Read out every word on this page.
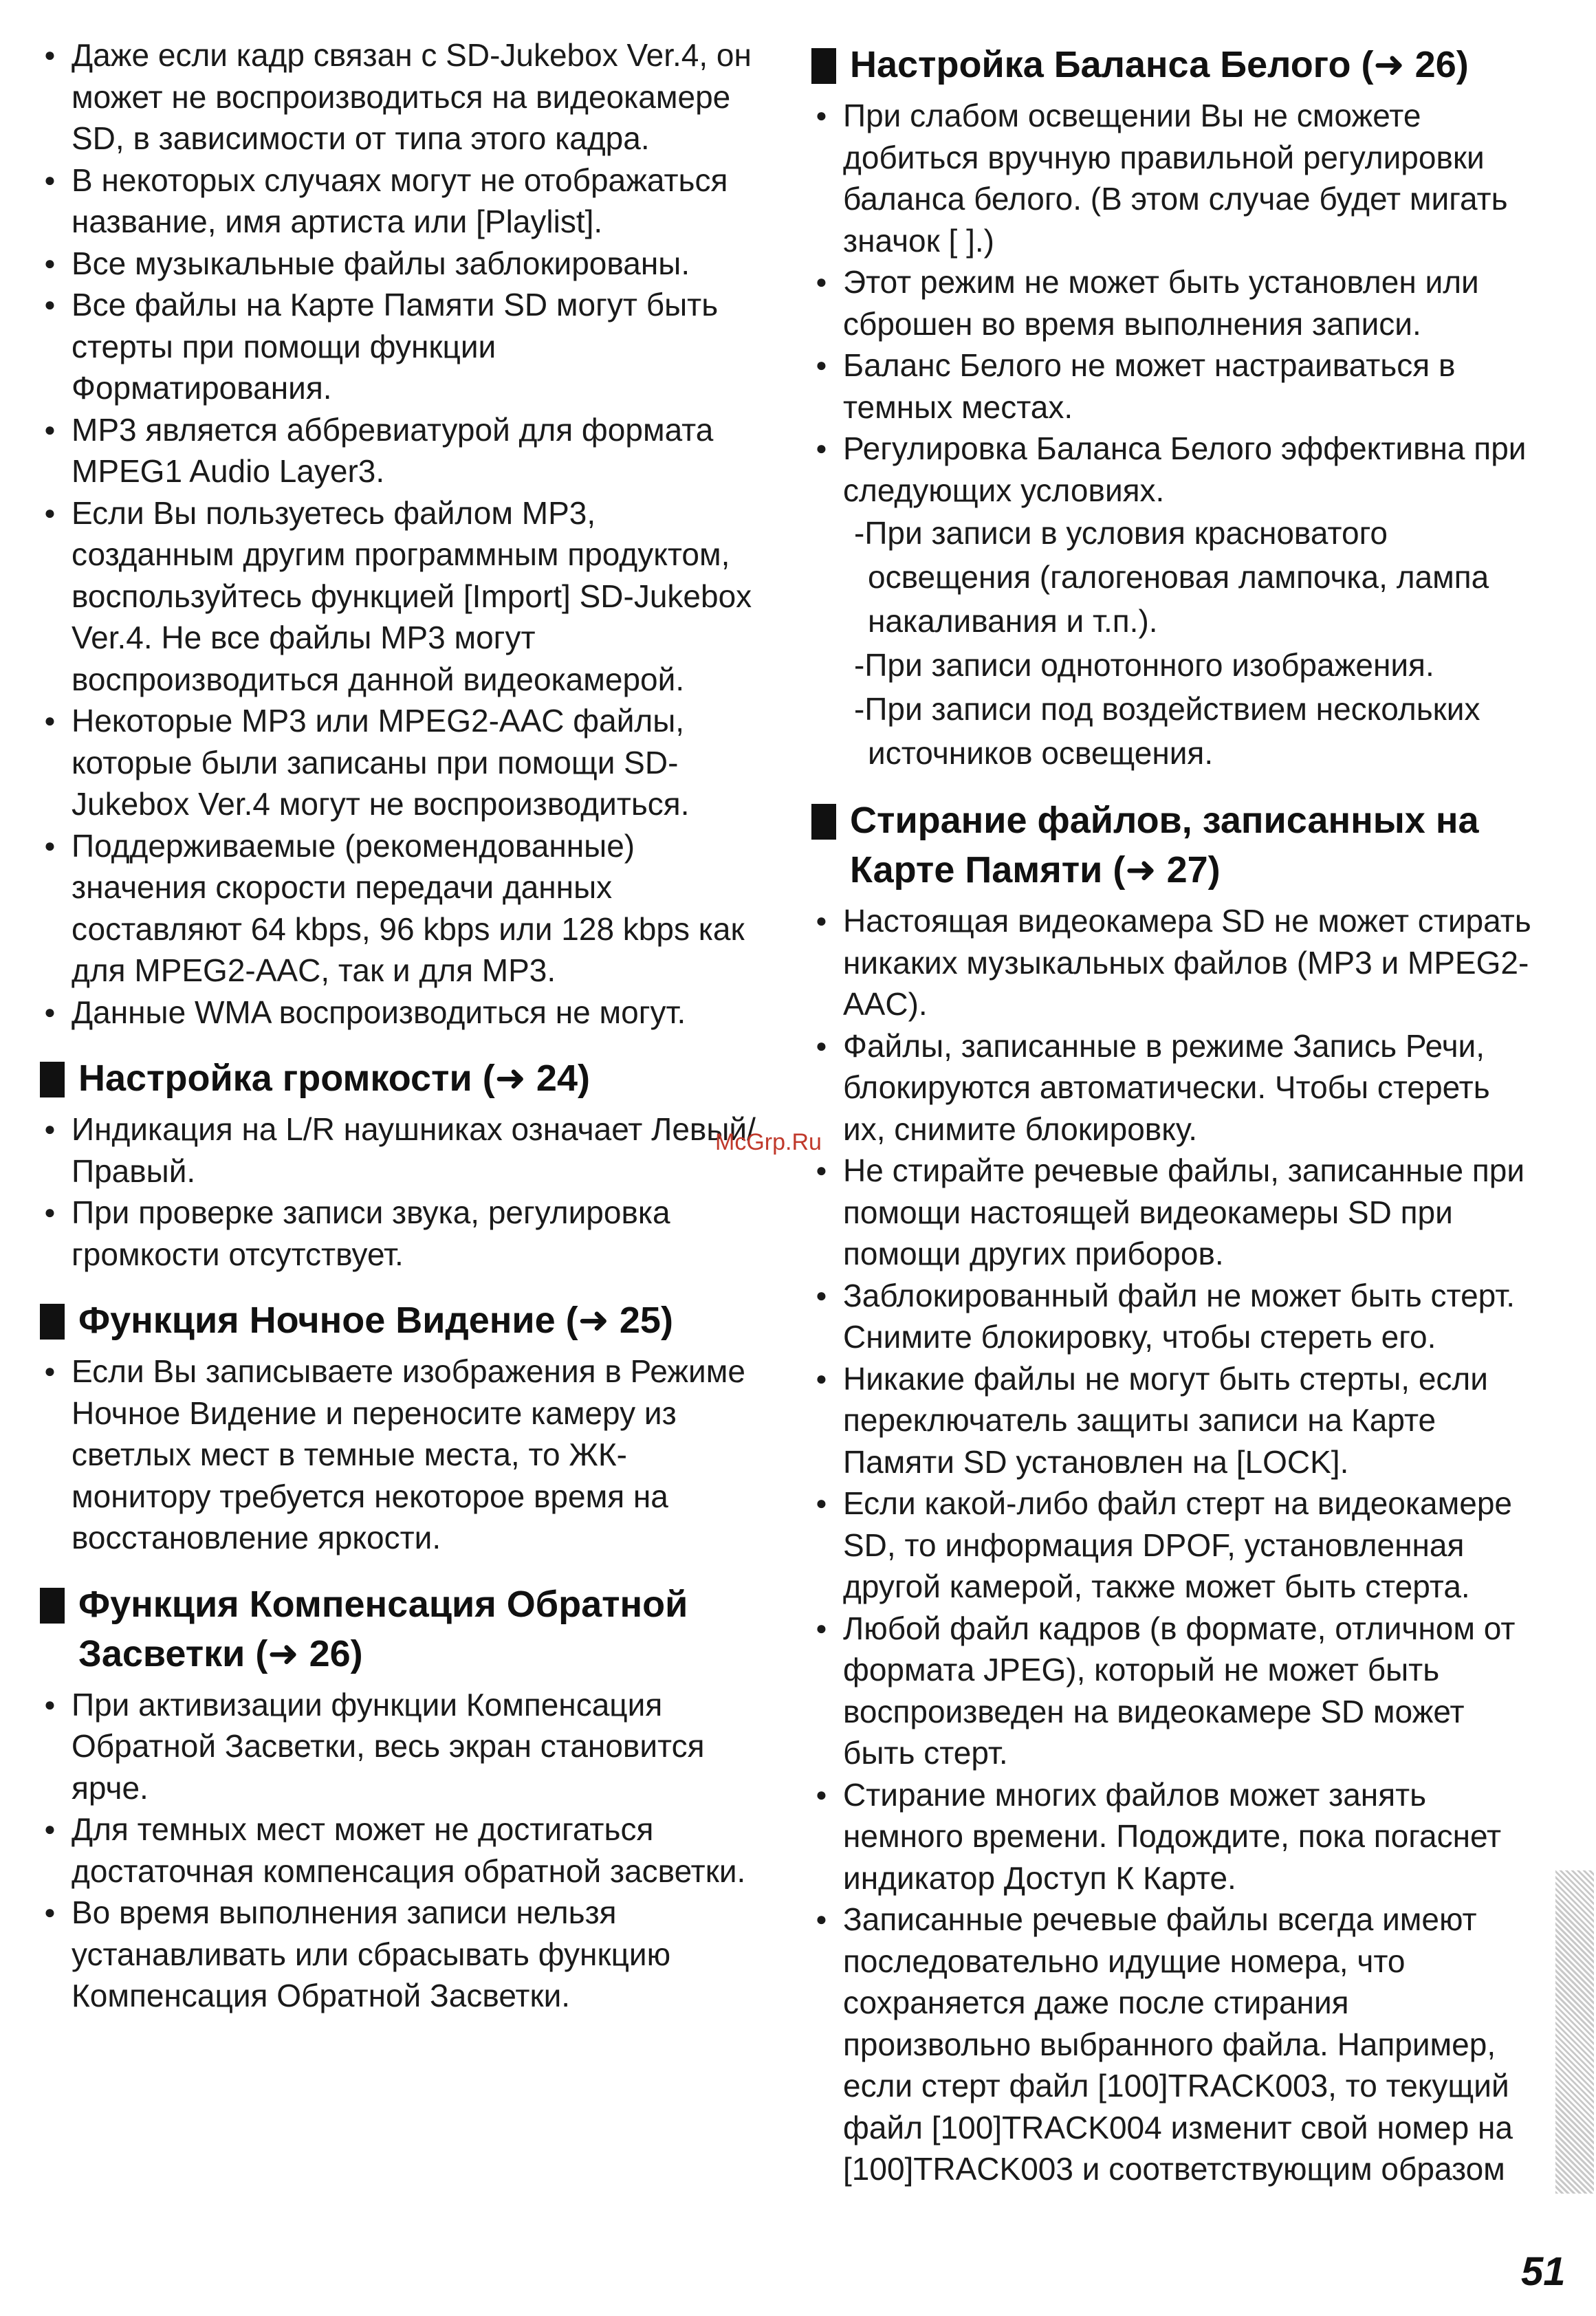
● Даже если кадр связан с SD-Jukebox Ver.4, он может не воспроизводиться на видеокамере SD, в зависимости от типа этого кадра.
● В некоторых случаях могут не отображаться название, имя артиста или [Playlist].
● Все музыкальные файлы заблокированы.
● Все файлы на Карте Памяти SD могут быть стерты при помощи функции Форматирования.
● MP3 является аббревиатурой для формата MPEG1 Audio Layer3.
● Если Вы пользуетесь файлом MP3, созданным другим программным продуктом, воспользуйтесь функцией [Import] SD-Jukebox Ver.4. Не все файлы MP3 могут воспроизводиться данной видеокамерой.
● Некоторые MP3 или MPEG2-AAC файлы, которые были записаны при помощи SD-Jukebox Ver.4 могут не воспроизводиться.
● Поддерживаемые (рекомендованные) значения скорости передачи данных составляют 64 kbps, 96 kbps или 128 kbps как для MPEG2-AAC, так и для MP3.
● Данные WMA воспроизводиться не могут.
Настройка громкости (➜ 24)
● Индикация на L/R наушниках означает Левый/Правый.
● При проверке записи звука, регулировка громкости отсутствует.
Функция Ночное Видение (➜ 25)
● Если Вы записываете изображения в Режиме Ночное Видение и переносите камеру из светлых мест в темные места, то ЖК-монитору требуется некоторое время на восстановление яркости.
Функция Компенсация Обратной Засветки (➜ 26)
● При активизации функции Компенсация Обратной Засветки, весь экран становится ярче.
● Для темных мест может не достигаться достаточная компенсация обратной засветки.
● Во время выполнения записи нельзя устанавливать или сбрасывать функцию Компенсация Обратной Засветки.
Настройка Баланса Белого (➜ 26)
● При слабом освещении Вы не сможете добиться вручную правильной регулировки баланса белого. (В этом случае будет мигать значок [ ].)
● Этот режим не может быть установлен или сброшен во время выполнения записи.
● Баланс Белого не может настраиваться в темных местах.
● Регулировка Баланса Белого эффективна при следующих условиях.
-При записи в условия красноватого освещения (галогеновая лампочка, лампа накаливания и т.п.).
-При записи однотонного изображения.
-При записи под воздействием нескольких источников освещения.
Стирание файлов, записанных на Карте Памяти (➜ 27)
● Настоящая видеокамера SD не может стирать никаких музыкальных файлов (MP3 и MPEG2-AAC).
● Файлы, записанные в режиме Запись Речи, блокируются автоматически. Чтобы стереть их, снимите блокировку.
● Не стирайте речевые файлы, записанные при помощи настоящей видеокамеры SD при помощи других приборов.
● Заблокированный файл не может быть стерт. Снимите блокировку, чтобы стереть его.
● Никакие файлы не могут быть стерты, если переключатель защиты записи на Карте Памяти SD установлен на [LOCK].
● Если какой-либо файл стерт на видеокамере SD, то информация DPOF, установленная другой камерой, также может быть стерта.
● Любой файл кадров (в формате, отличном от формата JPEG), который не может быть воспроизведен на видеокамере SD может быть стерт.
● Стирание многих файлов может занять немного времени. Подождите, пока погаснет индикатор Доступ К Карте.
● Записанные речевые файлы всегда имеют последовательно идущие номера, что сохраняется даже после стирания произвольно выбранного файла. Например, если стерт файл [100]TRACK003, то текущий файл [100]TRACK004 изменит свой номер на [100]TRACK003 и соответствующим образом
McGrp.Ru
51
